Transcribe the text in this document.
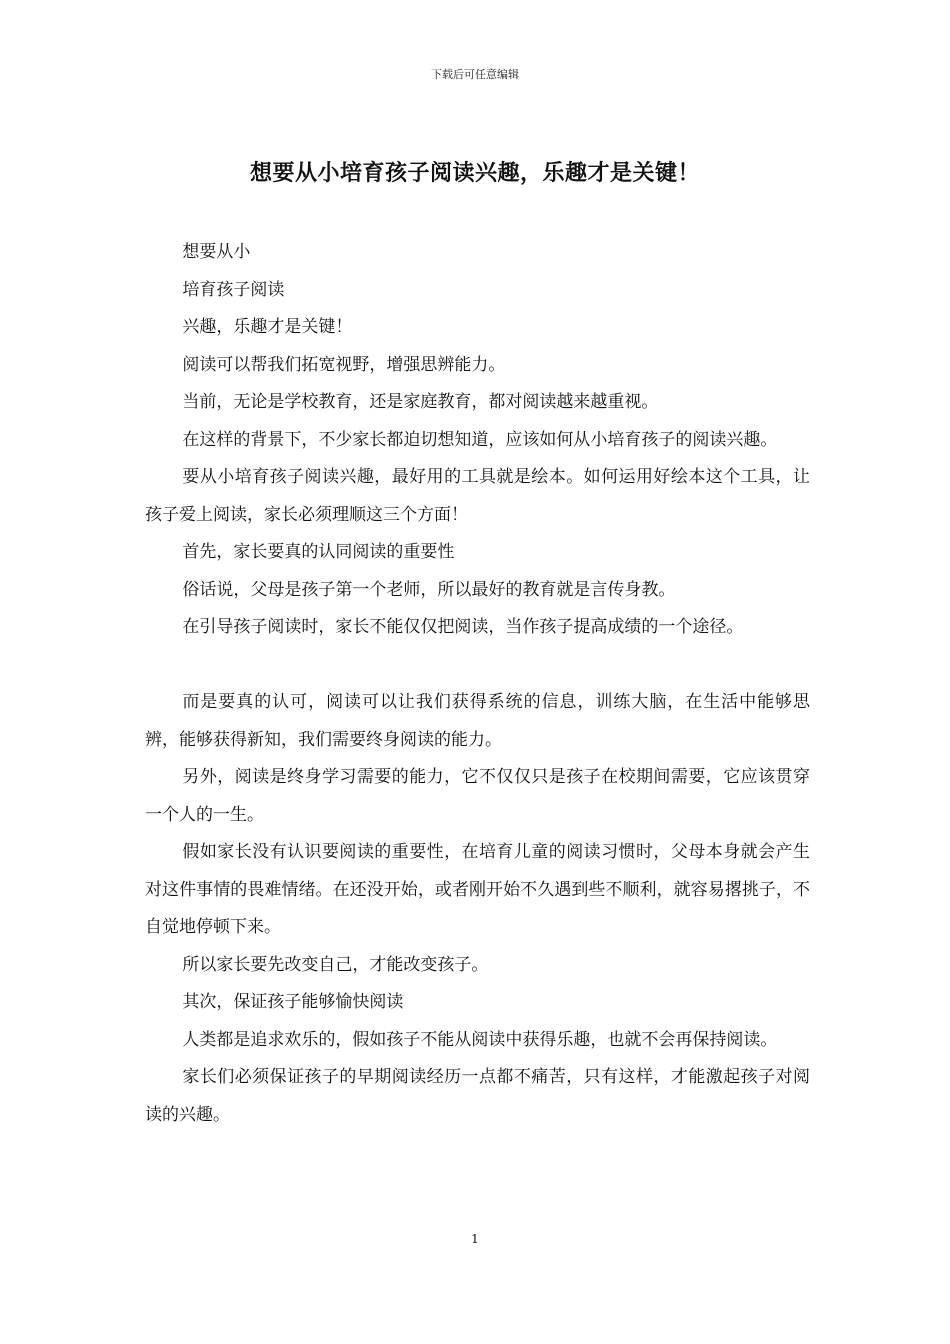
下载后可任意编辑
想要从小培育孩子阅读兴趣，乐趣才是关键！

想要从小

培育孩子阅读

兴趣，乐趣才是关键！

阅读可以帮我们拓宽视野，增强思辨能力。

当前，无论是学校教育，还是家庭教育，都对阅读越来越重视。

在这样的背景下，不少家长都迫切想知道，应该如何从小培育孩子的阅读兴趣。

要从小培育孩子阅读兴趣，最好用的工具就是绘本。如何运用好绘本这个工具，让孩子爱上阅读，家长必须理顺这三个方面！

首先，家长要真的认同阅读的重要性

俗话说，父母是孩子第一个老师，所以最好的教育就是言传身教。

在引导孩子阅读时，家长不能仅仅把阅读，当作孩子提高成绩的一个途径。

而是要真的认可，阅读可以让我们获得系统的信息，训练大脑，在生活中能够思辨，能够获得新知，我们需要终身阅读的能力。

另外，阅读是终身学习需要的能力，它不仅仅只是孩子在校期间需要，它应该贯穿一个人的一生。

假如家长没有认识要阅读的重要性，在培育儿童的阅读习惯时，父母本身就会产生对这件事情的畏难情绪。在还没开始，或者刚开始不久遇到些不顺利，就容易撂挑子，不自觉地停顿下来。

所以家长要先改变自己，才能改变孩子。

其次，保证孩子能够愉快阅读

人类都是追求欢乐的，假如孩子不能从阅读中获得乐趣，也就不会再保持阅读。

家长们必须保证孩子的早期阅读经历一点都不痛苦，只有这样，才能激起孩子对阅读的兴趣。

1
